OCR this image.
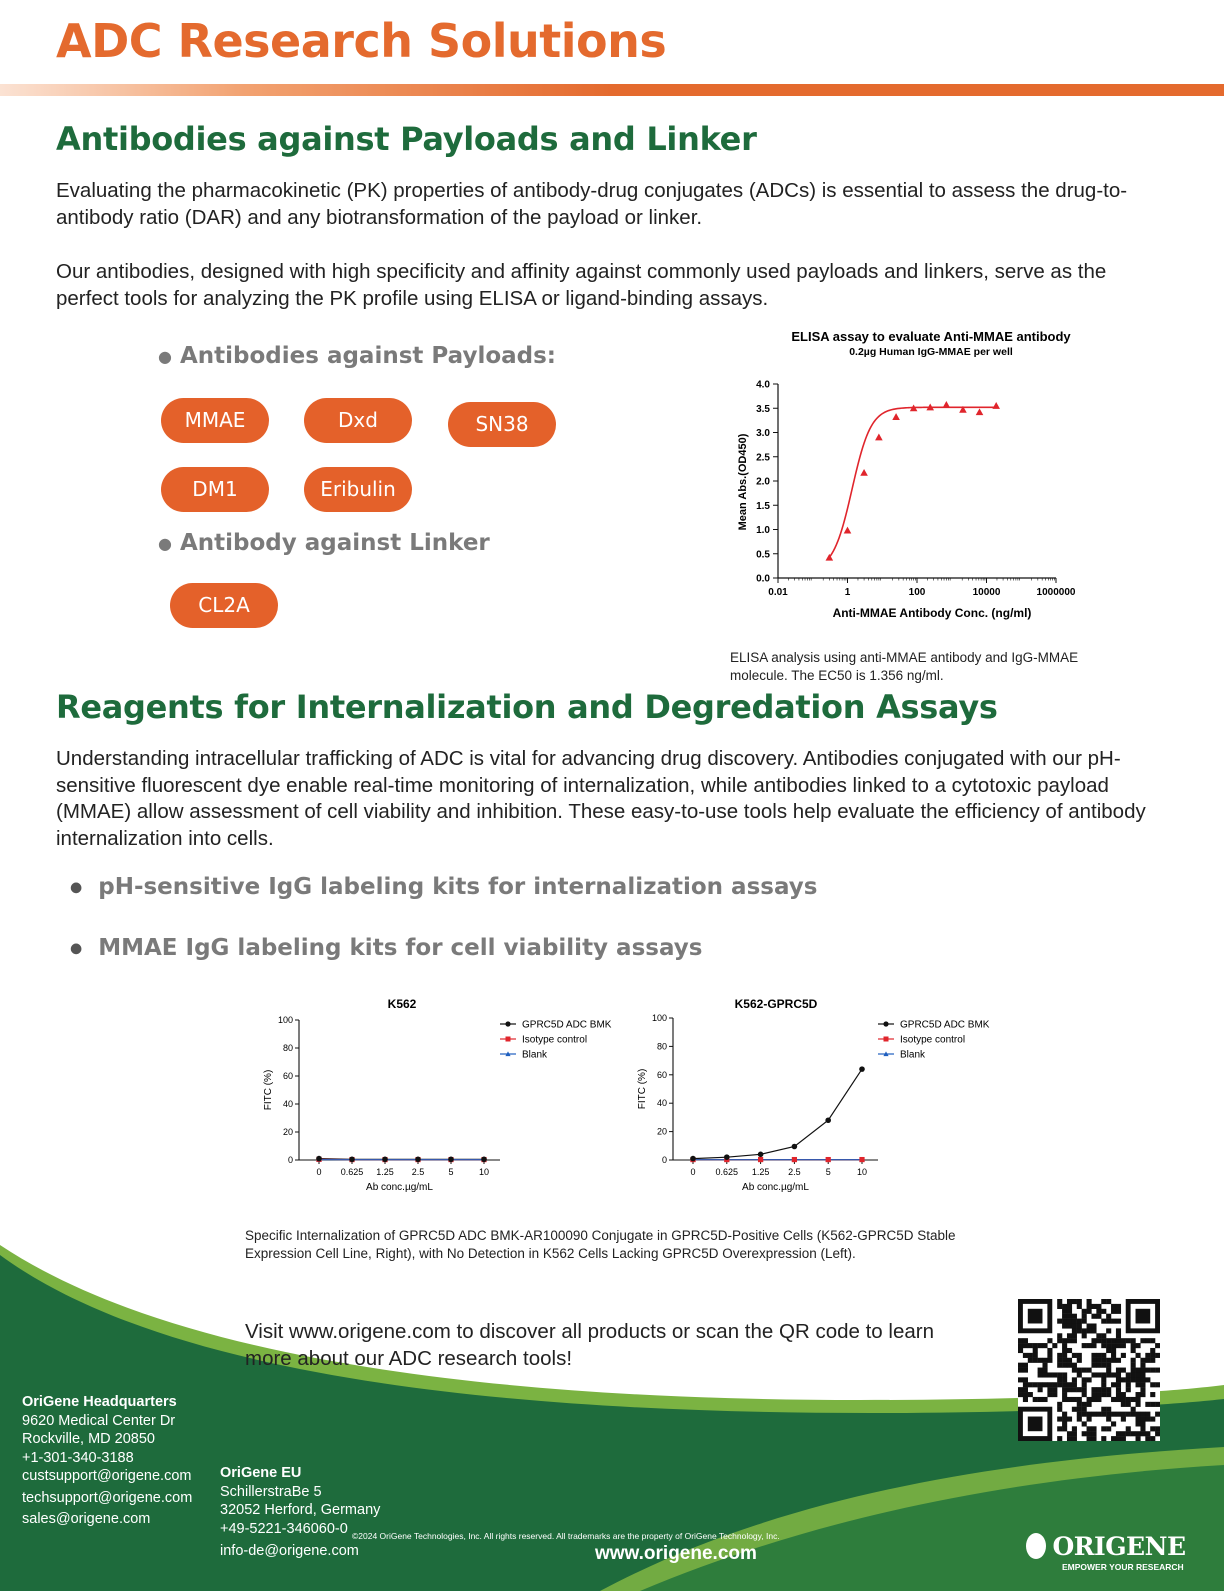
ADC Research Solutions
Antibodies against Payloads and Linker
Evaluating the pharmacokinetic (PK) properties of antibody-drug conjugates (ADCs) is essential to assess the drug-to-antibody ratio (DAR) and any biotransformation of the payload or linker.
Our antibodies, designed with high specificity and affinity against commonly used payloads and linkers, serve as the perfect tools for analyzing the PK profile using ELISA or ligand-binding assays.
● Antibodies against Payloads:
MMAE	Dxd	SN38
DM1	Eribulin
● Antibody against Linker
CL2A
ELISA assay to evaluate Anti-MMAE antibody
0.2µg Human IgG-MMAE per well
Mean Abs.(OD450)
Anti-MMAE Antibody Conc. (ng/ml)
0.0
0.5
1.0
1.5
2.0
2.5
3.0
3.5
4.0
0.01	1	100	10000	1000000
ELISA analysis using anti-MMAE antibody and IgG-MMAE molecule. The EC50 is 1.356 ng/ml.
Reagents for Internalization and Degredation Assays
Understanding intracellular trafficking of ADC is vital for advancing drug discovery. Antibodies conjugated with our pH-sensitive fluorescent dye enable real-time monitoring of internalization, while antibodies linked to a cytotoxic payload (MMAE) allow assessment of cell viability and inhibition. These easy-to-use tools help evaluate the efficiency of antibody internalization into cells.
● pH-sensitive IgG labeling kits for internalization assays
● MMAE IgG labeling kits for cell viability assays
K562
0
20
40
60
80
100
0 0.625 1.25 2.5	5	10
Ab conc.µg/mL
FITC (%)
GPRC5D ADC BMK
Isotype control
Blank
K562-GPRC5D
0
20
40
60
80
100
0 0.625 1.25 2.5	5	10
Ab conc.µg/mL
FITC (%)
GPRC5D ADC BMK
Isotype control
Blank
Specific Internalization of GPRC5D ADC BMK-AR100090 Conjugate in GPRC5D-Positive Cells (K562-GPRC5D Stable Expression Cell Line, Right), with No Detection in K562 Cells Lacking GPRC5D Overexpression (Left).
Visit www.origene.com to discover all products or scan the QR code to learn more about our ADC research tools!
OriGene Headquarters
9620 Medical Center Dr
Rockville, MD 20850
+1-301-340-3188
custsupport@origene.com
techsupport@origene.com
sales@origene.com
OriGene EU
SchillerstraBe 5
32052 Herford, Germany
+49-5221-346060-0
info-de@origene.com
©2024 OriGene Technologies, Inc. All rights reserved. All trademarks are the property of OriGene Technology, Inc.
www.origene.com	ORIGENE
EMPOWER YOUR RESEARCH
